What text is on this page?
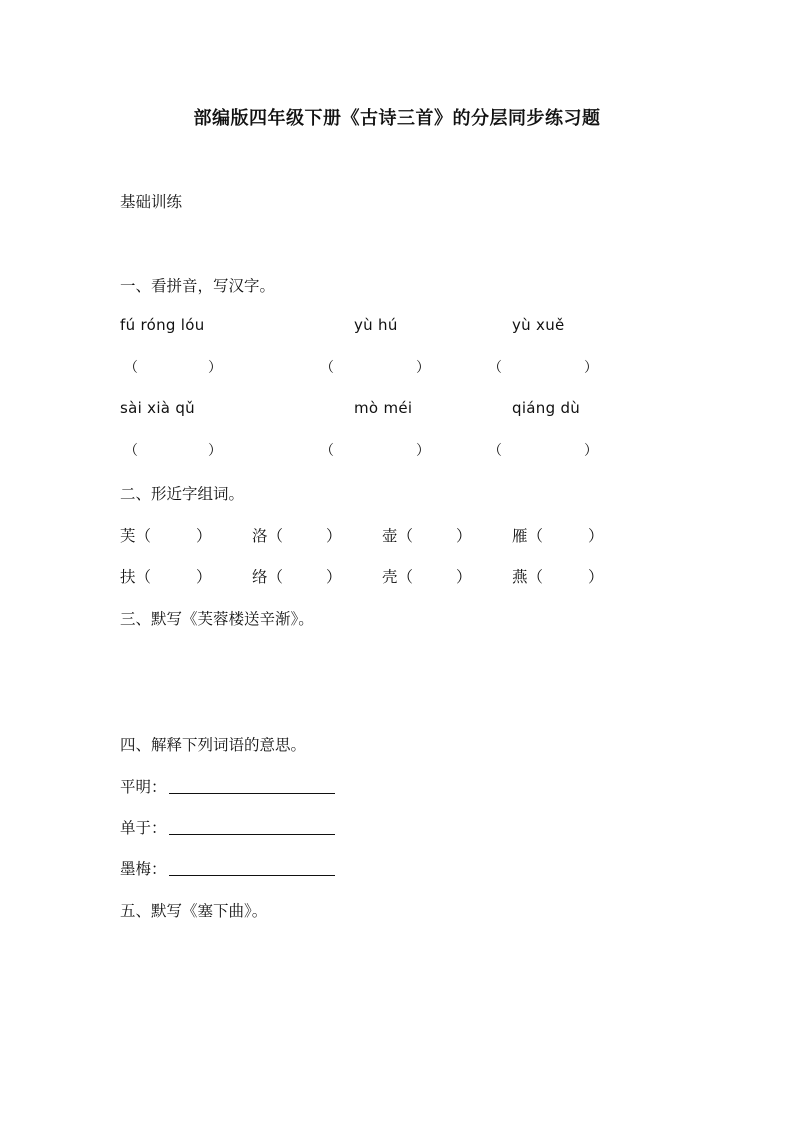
部编版四年级下册《古诗三首》的分层同步练习题
基础训练
一、看拼音，写汉字。
fú róng lóu	yù hú	yù xuě
（	）	（	）	（	）
sài xià qǔ	mò méi	qiáng dù
（	）	（	）	（	）
二、形近字组词。
芙（	）	洛（	）	壶（	）	雁（	）
扶（	）	络（	）	壳（	）	燕（	）
三、默写《芙蓉楼送辛渐》。
四、解释下列词语的意思。
平明：
单于：
墨梅：
五、默写《塞下曲》。
